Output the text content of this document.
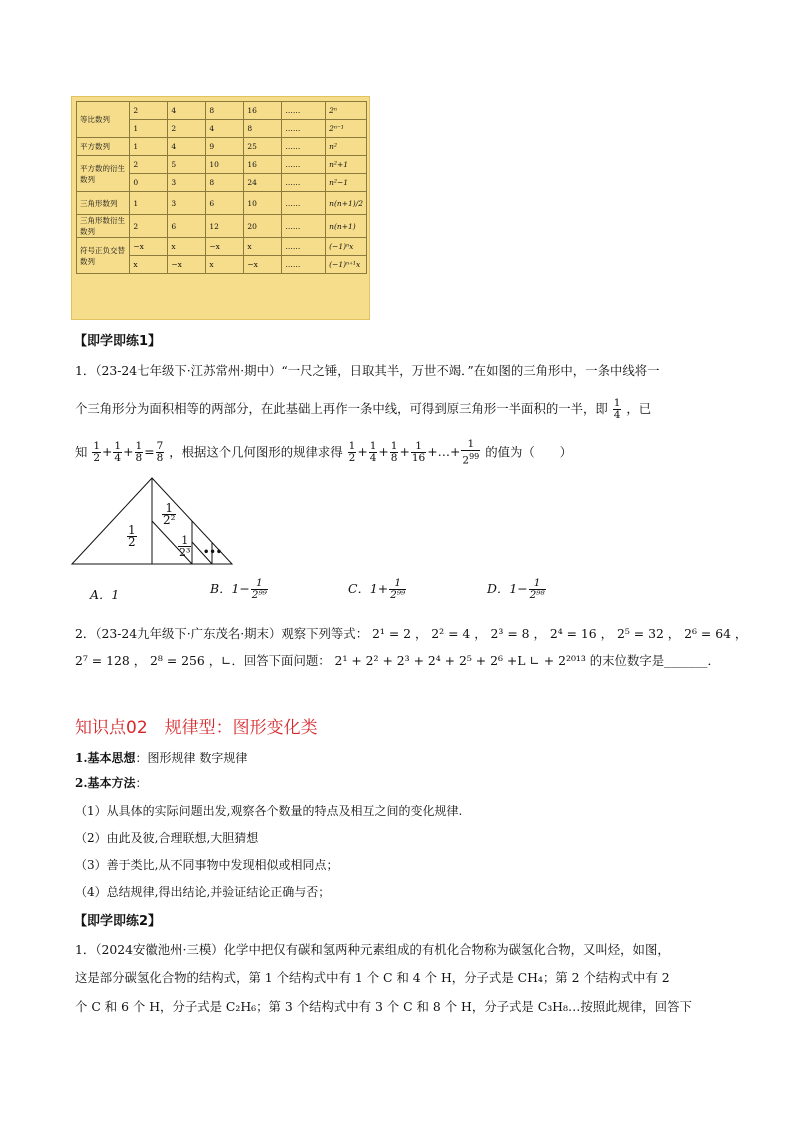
等比数列	2	4	8	16	……	2ⁿ
	1	2	4	8	……	2ⁿ⁻¹
平方数列	1	4	9	25	……	n²
平方数的衍生数列	2	5	10	16	……	n²+1
	0	3	8	24	……	n²−1
三角形数列	1	3	6	10	……	n(n+1)/2
三角形数衍生数列	2	6	12	20	……	n(n+1)
符号正负交替数列	−x	x	−x	x	……	(−1)ⁿx
	x	−x	x	−x	……	(−1)ⁿ⁺¹x
【即学即练1】
1．（23-24七年级下·江苏常州·期中）“一尺之锤，日取其半，万世不竭．”在如图的三角形中，一条中线将一
个三角形分为面积相等的两部分，在此基础上再作一条中线，可得到原三角形一半面积的一半，即 $\frac{1}{4}$ ，已
知 $\frac{1}{2} + \frac{1}{4} + \frac{1}{8} = \frac{7}{8}$ ，根据这个几何图形的规律求得 $\frac{1}{2} + \frac{1}{4} + \frac{1}{8} + \frac{1}{16}$ +…+ $\frac{1}{2^{99}}$ 的值为（　　）
$\frac{1}{2}$
$\frac{1}{\text{2²}}$
$\frac{1}{\text{2³}}$ •••
A．1	B．$1- \frac{1}{\text{2⁹⁹}}$	C．$1+ \frac{1}{\text{2⁹⁹}}$	D．$1- \frac{1}{\text{2⁹⁸}}$
2．（23-24九年级下·广东茂名·期末）观察下列等式： 2¹ = 2 ， 2² = 4 ， 2³ = 8 ， 2⁴ = 16 ， 2⁵ = 32 ， 2⁶ = 64 ，
2⁷ = 128 ， 2⁸ = 256 ，∟．回答下面问题： 2¹ + 2² + 2³ + 2⁴ + 2⁵ + 2⁶ +L ∟ + 2²⁰¹³ 的末位数字是_______．
知识点02　规律型：图形变化类
1.基本思想：图形规律 数字规律
2.基本方法：
（1）从具体的实际问题出发,观察各个数量的特点及相互之间的变化规律.
（2）由此及彼,合理联想,大胆猜想
（3）善于类比,从不同事物中发现相似或相同点；
（4）总结规律,得出结论,并验证结论正确与否；
【即学即练2】
1．（2024安徽池州·三模）化学中把仅有碳和氢两种元素组成的有机化合物称为碳氢化合物，又叫烃，如图，
这是部分碳氢化合物的结构式，第 1 个结构式中有 1 个 C 和 4 个 H，分子式是 CH₄；第 2 个结构式中有 2
个 C 和 6 个 H，分子式是 C₂H₆；第 3 个结构式中有 3 个 C 和 8 个 H，分子式是 C₃H₈…按照此规律，回答下
